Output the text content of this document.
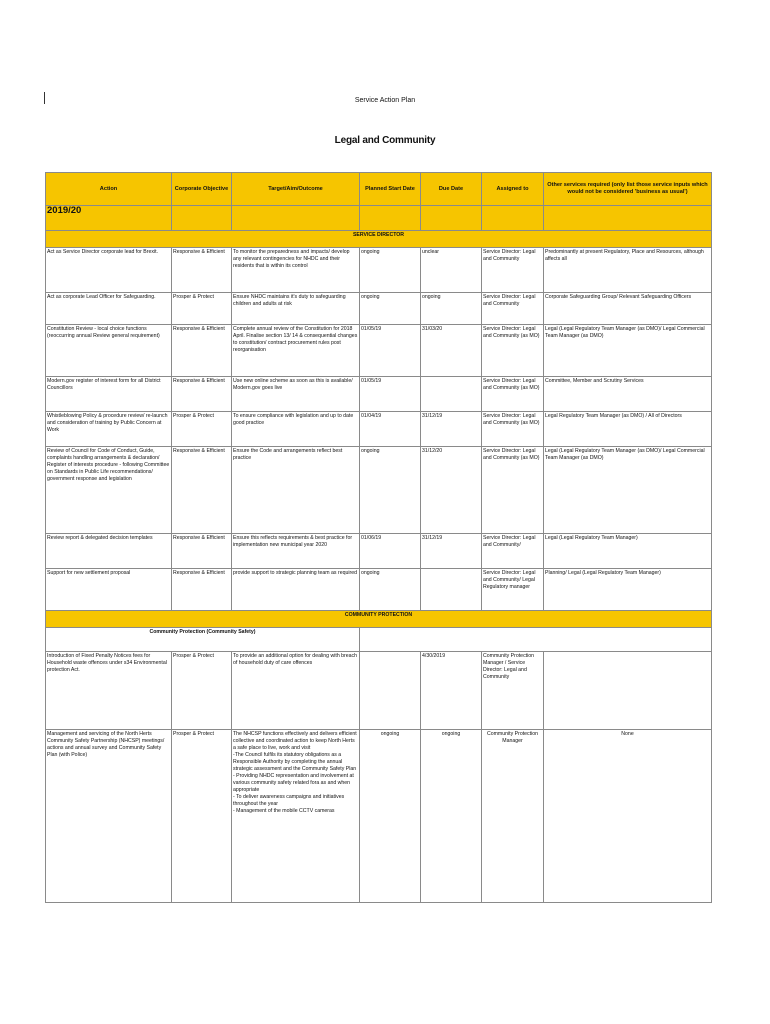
Service Action Plan
Legal and Community
Action	Corporate Objective	Target/Aim/Outcome	Planned Start Date	Due Date	Assigned to	Other services required (only list those service inputs which would not be considered 'business as usual')
2019/20						
SERVICE DIRECTOR						
Act as Service Director corporate lead for Brexit.	Responsive & Efficient	To monitor the preparedness and impacts/ develop any relevant contingencies for NHDC and their residents that is within its control	ongoing	unclear	Service Director: Legal and Community	Predominantly at present Regulatory, Place and Resources, although affects all
Act as corporate Lead Officer for Safeguarding.	Prosper & Protect	Ensure NHDC maintains it's duty to safeguarding children and adults at risk	ongoing	ongoing	Service Director: Legal and Community	Corporate Safeguarding Group/ Relevant Safeguarding Officers
Constitution Review - local choice functions (reoccurring annual Review general requirement)	Responsive & Efficient	Complete annual review of the Constitution for 2018 April. Finalise section 13/ 14 & consequential changes to constitution/ contract procurement rules post reorganisation	01/05/19	31/03/20	Service Director: Legal and Community (as MO)	Legal (Legal Regulatory Team Manager (as DMO)/ Legal Commercial Team Manager (as DMO)
Modern.gov register of interest form for all District Councillors	Responsive & Efficient	Use new online scheme as soon as this is available/ Modern.gov goes live	01/05/19		Service Director: Legal and Community (as MO)	Committee, Member and Scrutiny Services
Whistleblowing Policy & procedure review/ re-launch and consideration of training by Public Concern at Work	Prosper & Protect	To ensure compliance with legislation and up to date good practice	01/04/19	31/12/19	Service Director: Legal and Community (as MO)	Legal Regulatory Team Manager (as DMO) / All of Directors
Review of Council for Code of Conduct, Guide, complaints handling arrangements & declaration/ Register of interests procedure - following Committee on Standards in Public Life recommendations/ government response and legislation	Responsive & Efficient	Ensure the Code and arrangements reflect best practice	ongoing	31/12/20	Service Director: Legal and Community (as MO)	Legal (Legal Regulatory Team Manager (as DMO)/ Legal Commercial Team Manager (as DMO)
Review report & delegated decision templates	Responsive & Efficient	Ensure this reflects requirements & best practice for implementation new municipal year 2020	01/06/19	31/12/19	Service Director: Legal and Community/	Legal (Legal Regulatory Team Manager)
Support for new settlement proposal	Responsive & Efficient	provide support to strategic planning team as required	ongoing		Service Director: Legal and Community/ Legal Regulatory manager	Planning/ Legal (Legal Regulatory Team Manager)
COMMUNITY PROTECTION						
Community Protection (Community Safety)						
Introduction of Fixed Penalty Notices fees for Household waste offences under s34 Environmental protection Act.	Prosper & Protect	To provide an additional option for dealing with breach of household duty of care offences		4/30/2019	Community Protection Manager / Service Director: Legal and Community	
Management and servicing of the North Herts Community Safety Partnership (NHCSP) meetings/ actions and annual survey and Community Safety Plan (with Police)	Prosper & Protect	The NHCSP functions effectively and delivers efficient collective and coordinated action to keep North Herts a safe place to live, work and visit
-The Council fulfils its statutory obligations as a Responsible Authority by completing the annual strategic assessment and the Community Safety Plan
- Providing NHDC representation and involvement at various community safety related fora as and when appropriate
- To deliver awareness campaigns and initiatives throughout the year
- Management of the mobile CCTV cameras	ongoing	ongoing	Community Protection Manager	None
